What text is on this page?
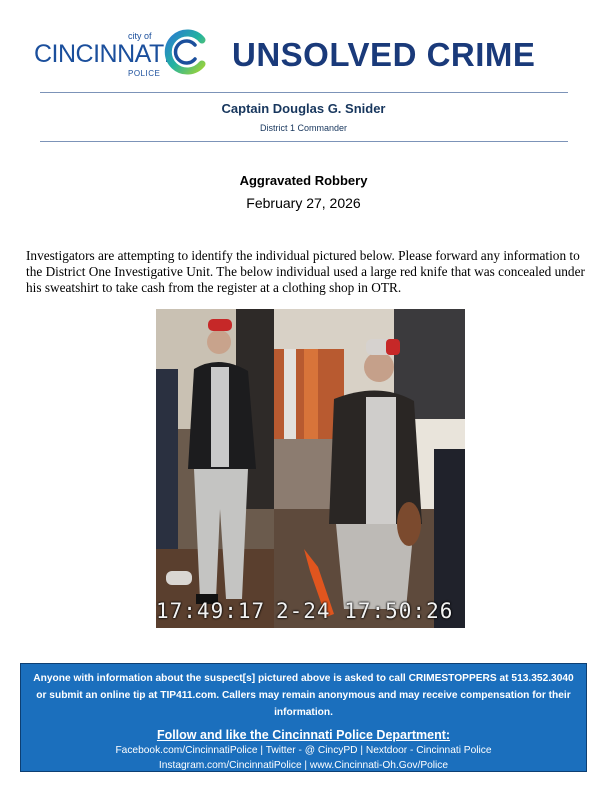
city of
CINCINNATI
POLICE
UNSOLVED CRIME
Captain Douglas G. Snider
District 1 Commander
Aggravated Robbery
February 27, 2026
Investigators are attempting to identify the individual pictured below. Please forward any information to the District One Investigative Unit. The below individual used a large red knife that was concealed under his sweatshirt to take cash from the register at a clothing shop in OTR.
17:49:17 2-24 17:50:26
Anyone with information about the suspect[s] pictured above is asked to call CRIMESTOPPERS at 513.352.3040 or submit an online tip at TIP411.com. Callers may remain anonymous and may receive compensation for their information.
Follow and like the Cincinnati Police Department:
Facebook.com/CincinnatiPolice | Twitter - @ CincyPD | Nextdoor - Cincinnati Police
Instagram.com/CincinnatiPolice | www.Cincinnati-Oh.Gov/Police
